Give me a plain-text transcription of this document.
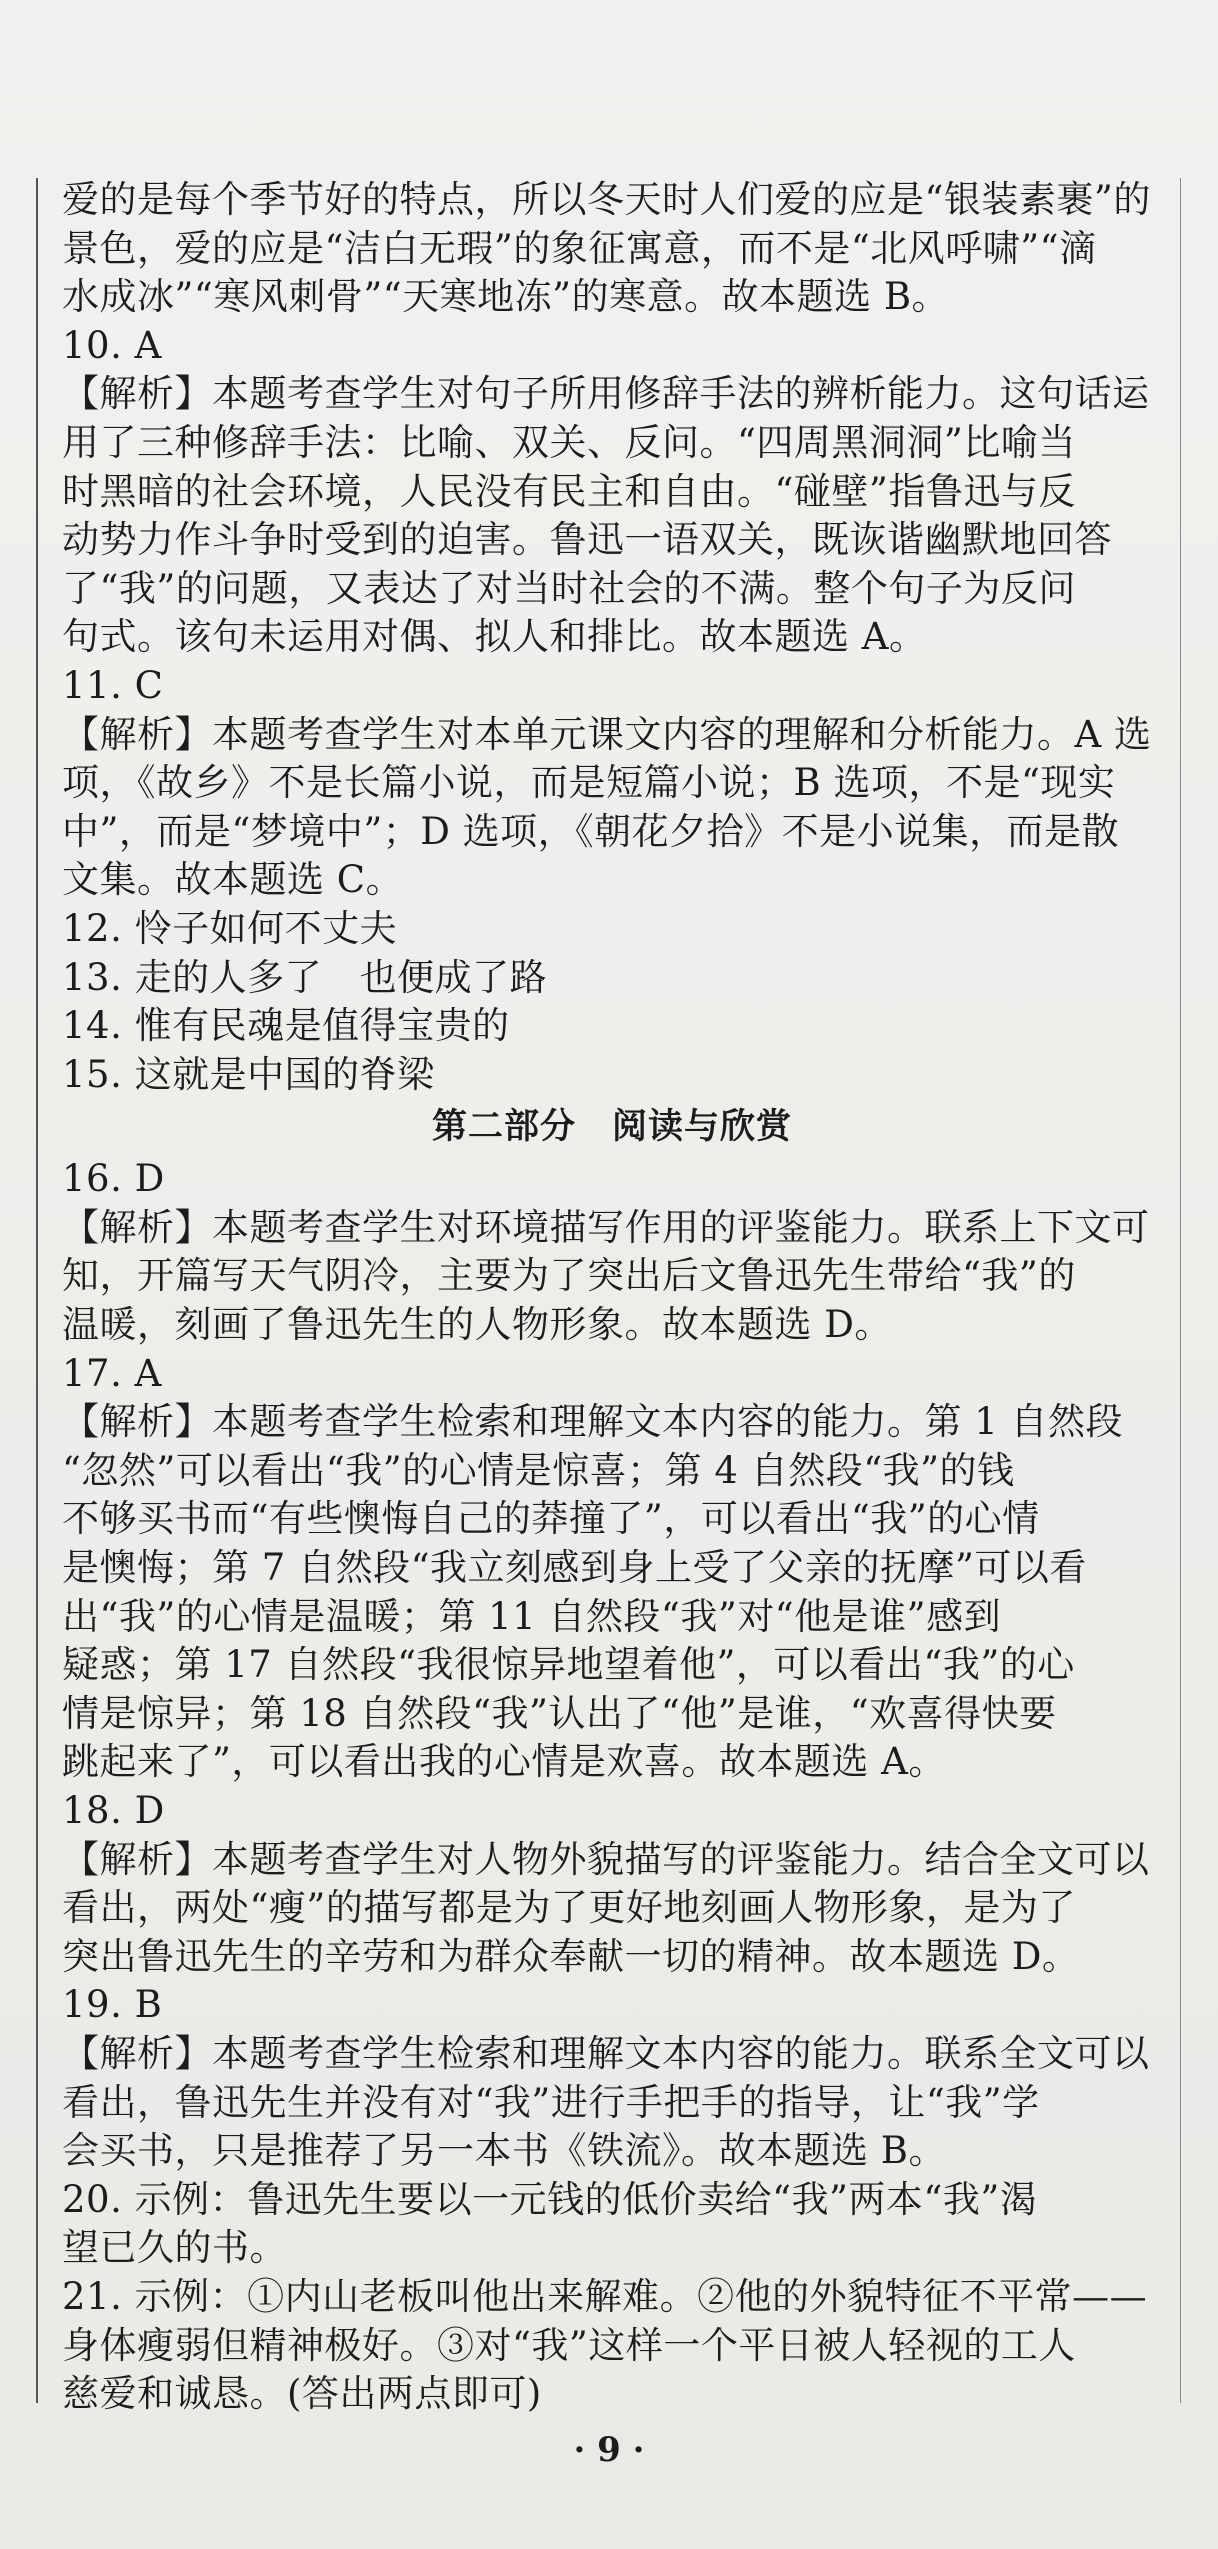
爱的是每个季节好的特点，所以冬天时人们爱的应是“银装素裹”的
景色，爱的应是“洁白无瑕”的象征寓意，而不是“北风呼啸”“滴
水成冰”“寒风刺骨”“天寒地冻”的寒意。故本题选 B。
10. A
【解析】本题考查学生对句子所用修辞手法的辨析能力。这句话运
用了三种修辞手法：比喻、双关、反问。“四周黑洞洞”比喻当
时黑暗的社会环境，人民没有民主和自由。“碰壁”指鲁迅与反
动势力作斗争时受到的迫害。鲁迅一语双关，既诙谐幽默地回答
了“我”的问题，又表达了对当时社会的不满。整个句子为反问
句式。该句未运用对偶、拟人和排比。故本题选 A。
11. C
【解析】本题考查学生对本单元课文内容的理解和分析能力。A 选
项，《故乡》不是长篇小说，而是短篇小说；B 选项，不是“现实
中”，而是“梦境中”；D 选项，《朝花夕拾》不是小说集，而是散
文集。故本题选 C。
12. 怜子如何不丈夫
13. 走的人多了　也便成了路
14. 惟有民魂是值得宝贵的
15. 这就是中国的脊梁
第二部分　阅读与欣赏
16. D
【解析】本题考查学生对环境描写作用的评鉴能力。联系上下文可
知，开篇写天气阴冷，主要为了突出后文鲁迅先生带给“我”的
温暖，刻画了鲁迅先生的人物形象。故本题选 D。
17. A
【解析】本题考查学生检索和理解文本内容的能力。第 1 自然段
“忽然”可以看出“我”的心情是惊喜；第 4 自然段“我”的钱
不够买书而“有些懊悔自己的莽撞了”，可以看出“我”的心情
是懊悔；第 7 自然段“我立刻感到身上受了父亲的抚摩”可以看
出“我”的心情是温暖；第 11 自然段“我”对“他是谁”感到
疑惑；第 17 自然段“我很惊异地望着他”，可以看出“我”的心
情是惊异；第 18 自然段“我”认出了“他”是谁，“欢喜得快要
跳起来了”，可以看出我的心情是欢喜。故本题选 A。
18. D
【解析】本题考查学生对人物外貌描写的评鉴能力。结合全文可以
看出，两处“瘦”的描写都是为了更好地刻画人物形象，是为了
突出鲁迅先生的辛劳和为群众奉献一切的精神。故本题选 D。
19. B
【解析】本题考查学生检索和理解文本内容的能力。联系全文可以
看出，鲁迅先生并没有对“我”进行手把手的指导，让“我”学
会买书，只是推荐了另一本书《铁流》。故本题选 B。
20. 示例：鲁迅先生要以一元钱的低价卖给“我”两本“我”渴
望已久的书。
21. 示例：①内山老板叫他出来解难。②他的外貌特征不平常——
身体瘦弱但精神极好。③对“我”这样一个平日被人轻视的工人
慈爱和诚恳。(答出两点即可)
· 9 ·
